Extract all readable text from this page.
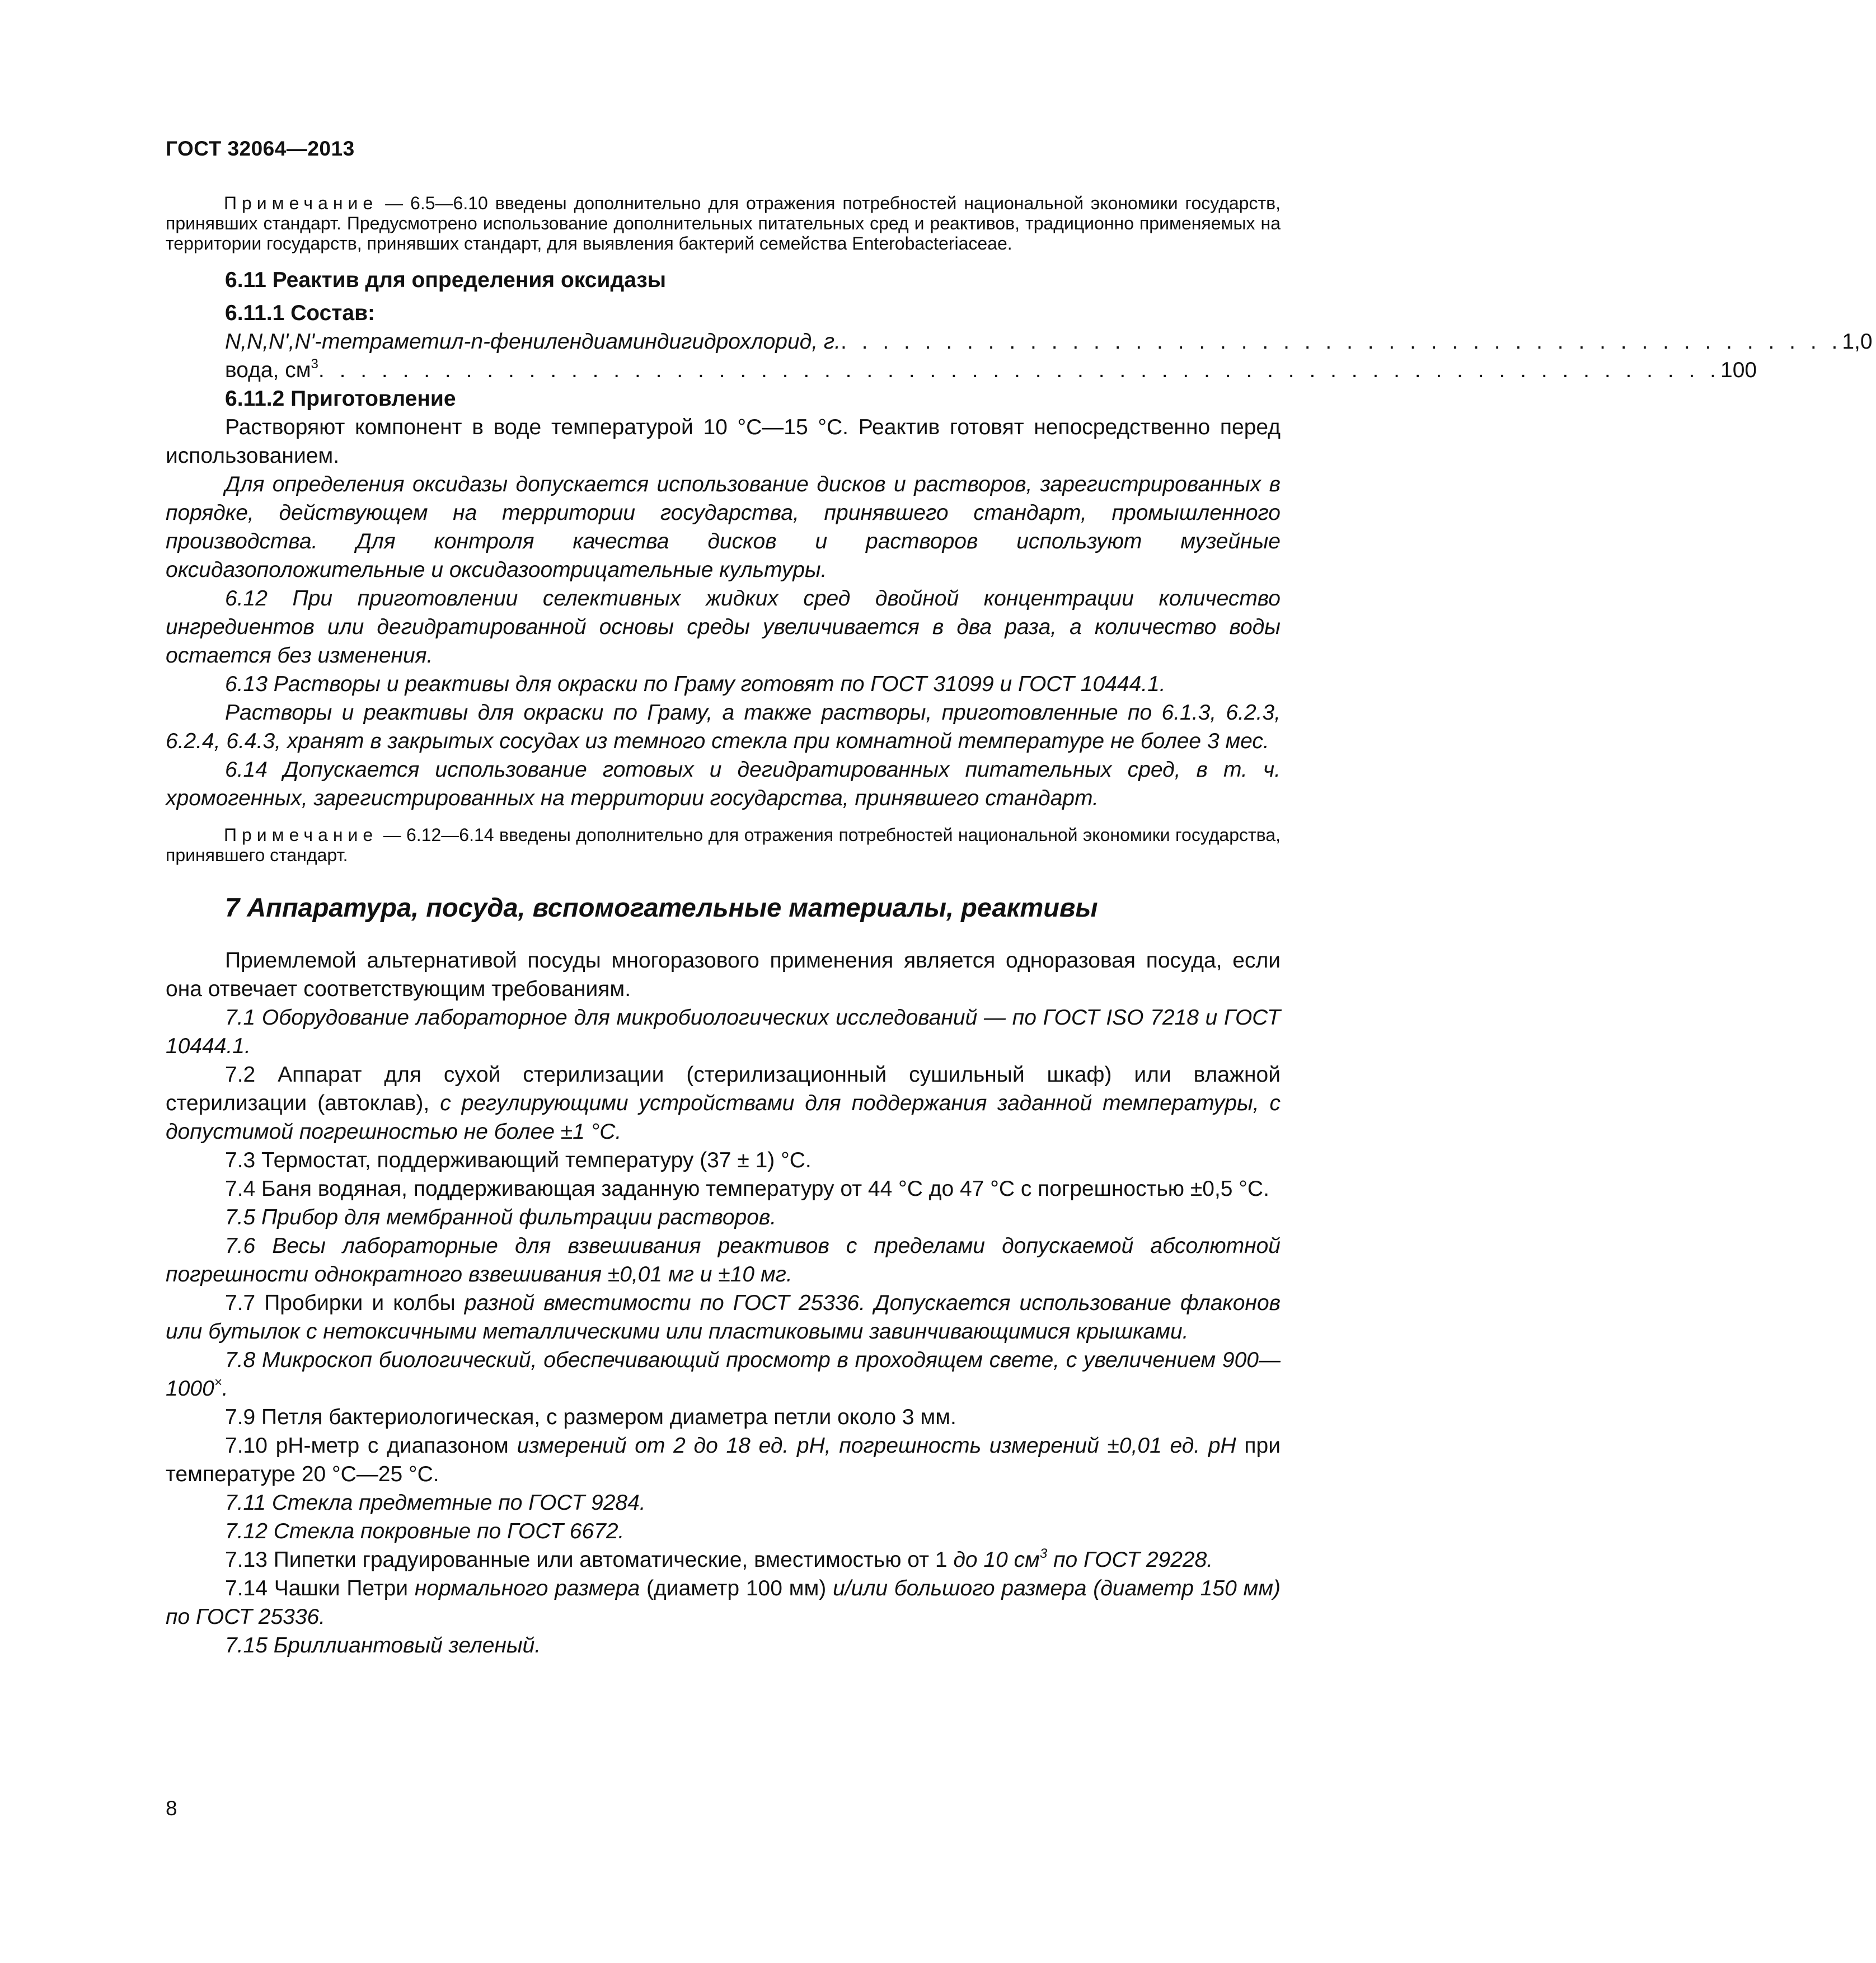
ГОСТ 32064—2013

Примечание — 6.5—6.10 введены дополнительно для отражения потребностей национальной экономики государств, принявших стандарт. Предусмотрено использование дополнительных питательных сред и реактивов, традиционно применяемых на территории государств, принявших стандарт, для выявления бактерий семейства Enterobacteriaceae.

6.11 Реактив для определения оксидазы

6.11.1 Состав:

N,N,N',N'-тетраметил-n-фенилендиаминдигидрохлорид, г. . . . . . . . . . . . . . . . . . . . . . . . . . . . . . . . . . . . . . . . . . . . . . . . . 1,0
вода, $см^3$ . . . . . . . . . . . . . . . . . . . . . . . . . . . . . . . . . . . . . . . . . . . . . . . . . . . . . . . . . . . . . . . . . . . 100

6.11.2 Приготовление

Растворяют компонент в воде температурой 10 °С—15 °С. Реактив готовят непосредственно перед использованием.

Для определения оксидазы допускается использование дисков и растворов, зарегистрированных в порядке, действующем на территории государства, принявшего стандарт, промышленного производства. Для контроля качества дисков и растворов используют музейные оксидазоположительные и оксидазоотрицательные культуры.

6.12 При приготовлении селективных жидких сред двойной концентрации количество ингредиентов или дегидратированной основы среды увеличивается в два раза, а количество воды остается без изменения.

6.13 Растворы и реактивы для окраски по Граму готовят по ГОСТ 31099 и ГОСТ 10444.1.

Растворы и реактивы для окраски по Граму, а также растворы, приготовленные по 6.1.3, 6.2.3, 6.2.4, 6.4.3, хранят в закрытых сосудах из темного стекла при комнатной температуре не более 3 мес.

6.14 Допускается использование готовых и дегидратированных питательных сред, в т. ч. хромогенных, зарегистрированных на территории государства, принявшего стандарт.

Примечание — 6.12—6.14 введены дополнительно для отражения потребностей национальной экономики государства, принявшего стандарт.

7 Аппаратура, посуда, вспомогательные материалы, реактивы

Приемлемой альтернативой посуды многоразового применения является одноразовая посуда, если она отвечает соответствующим требованиям.

7.1 Оборудование лабораторное для микробиологических исследований — по ГОСТ ISO 7218 и ГОСТ 10444.1.

7.2 Аппарат для сухой стерилизации (стерилизационный сушильный шкаф) или влажной стерилизации (автоклав), с регулирующими устройствами для поддержания заданной температуры, с допустимой погрешностью не более ±1 °С.

7.3 Термостат, поддерживающий температуру (37 ± 1) °С.

7.4 Баня водяная, поддерживающая заданную температуру от 44 °С до 47 °С с погрешностью ±0,5 °С.

7.5 Прибор для мембранной фильтрации растворов.

7.6 Весы лабораторные для взвешивания реактивов с пределами допускаемой абсолютной погрешности однократного взвешивания ±0,01 мг и ±10 мг.

7.7 Пробирки и колбы разной вместимости по ГОСТ 25336. Допускается использование флаконов или бутылок с нетоксичными металлическими или пластиковыми завинчивающимися крышками.

7.8 Микроскоп биологический, обеспечивающий просмотр в проходящем свете, с увеличением 900—1000×.

7.9 Петля бактериологическая, с размером диаметра петли около 3 мм.

7.10 pH-метр с диапазоном измерений от 2 до 18 ед. pH, погрешность измерений ±0,01 ед. pH при температуре 20 °С—25 °С.

7.11 Стекла предметные по ГОСТ 9284.

7.12 Стекла покровные по ГОСТ 6672.

7.13 Пипетки градуированные или автоматические, вместимостью от 1 до 10 $см^3$ по ГОСТ 29228.

7.14 Чашки Петри нормального размера (диаметр 100 мм) и/или большого размера (диаметр 150 мм) по ГОСТ 25336.

7.15 Бриллиантовый зеленый.

8
